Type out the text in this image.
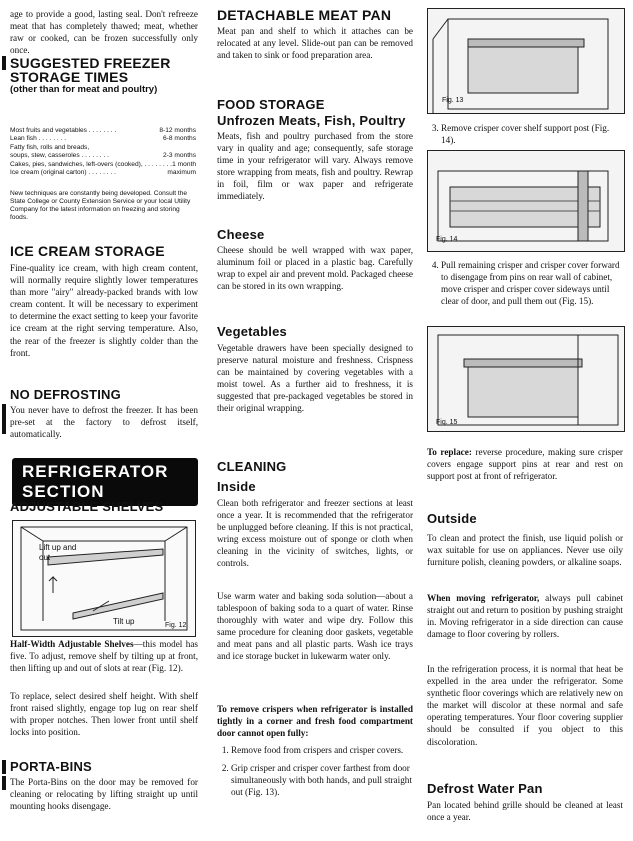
age to provide a good, lasting seal. Don't refreeze meat that has completely thawed; meat, whether raw or cooked, can be frozen successfully only once.

SUGGESTED FREEZER
STORAGE TIMES
(other than for meat and poultry)
Most fruits and vegetables . . . . . . . .	8-12 months
Lean fish . . . . . . . .	6-8 months
Fatty fish, rolls and breads,
soups, stew, casseroles . . . . . . . .	2-3 months
Cakes, pies, sandwiches, left-overs (cooked), . . . . . . . . 1 month
Ice cream (original carton) . . . . . . . .	maximum
New techniques are constantly being developed. Consult the State College or County Extension Service or your local Utility Company for the latest information on freezing and storing foods.
ICE CREAM STORAGE

Fine-quality ice cream, with high cream content, will normally require slightly lower temperatures than more "airy" already-packed brands with low cream content. It will be necessary to experiment to determine the exact setting to keep your favorite ice cream at the right serving temperature. Also, the rear of the freezer is slightly colder than the front.

NO DEFROSTING

You never have to defrost the freezer. It has been pre-set at the factory to defrost itself, automatically.

REFRIGERATOR SECTION
ADJUSTABLE SHELVES
Lift up and out
Tilt up	Fig. 12

Half-Width Adjustable Shelves—this model has five. To adjust, remove shelf by tilting up at front, then lifting up and out of slots at rear (Fig. 12).

To replace, select desired shelf height. With shelf front raised slightly, engage top lug on rear shelf with proper notches. Then lower front until shelf locks into position.

PORTA-BINS

The Porta-Bins on the door may be removed for cleaning or relocating by lifting straight up until mounting hooks disengage.

DETACHABLE MEAT PAN

Meat pan and shelf to which it attaches can be relocated at any level. Slide-out pan can be removed and taken to sink or food preparation area.

FOOD STORAGE
Unfrozen Meats, Fish, Poultry

Meats, fish and poultry purchased from the store vary in quality and age; consequently, safe storage time in your refrigerator will vary. Always remove store wrapping from meats, fish and poultry. Rewrap in foil, film or wax paper and refrigerate immediately.

Cheese

Cheese should be well wrapped with wax paper, aluminum foil or placed in a plastic bag. Carefully wrap to expel air and prevent mold. Packaged cheese can be stored in its own wrapping.

Vegetables

Vegetable drawers have been specially designed to preserve natural moisture and freshness. Crispness can be maintained by covering vegetables with a moist towel. As a further aid to freshness, it is suggested that pre-packaged vegetables be stored in their original wrapping.

CLEANING
Inside

Clean both refrigerator and freezer sections at least once a year. It is recommended that the refrigerator be unplugged before cleaning. If this is not practical, wring excess moisture out of sponge or cloth when cleaning in the vicinity of switches, lights, or controls.

Use warm water and baking soda solution—about a tablespoon of baking soda to a quart of water. Rinse thoroughly with water and wipe dry. Follow this same procedure for cleaning door gaskets, vegetable and meat pans and all plastic parts. Wash ice trays and ice storage bucket in lukewarm water only.

To remove crispers when refrigerator is installed tightly in a corner and fresh food compartment door cannot open fully:

1. Remove food from crispers and crisper covers.
2. Grip crisper and crisper cover farthest from door simultaneously with both hands, and pull straight out (Fig. 13).
Fig. 13
3. Remove crisper cover shelf support post (Fig. 14).
Fig. 14
4. Pull remaining crisper and crisper cover forward to disengage from pins on rear wall of cabinet, move crisper and crisper cover sideways until clear of door, and pull them out (Fig. 15).
Fig. 15

To replace: reverse procedure, making sure crisper covers engage support pins at rear and rest on support post at front of refrigerator.

Outside

To clean and protect the finish, use liquid polish or wax suitable for use on appliances. Never use oily furniture polish, cleaning powders, or alkaline soaps.

When moving refrigerator, always pull cabinet straight out and return to position by pushing straight in. Moving refrigerator in a side direction can cause damage to floor covering by rollers.

In the refrigeration process, it is normal that heat be expelled in the area under the refrigerator. Some synthetic floor coverings which are relatively new on the market will discolor at these normal and safe operating temperatures. Your floor covering supplier should be consulted if you object to this discoloration.

Defrost Water Pan

Pan located behind grille should be cleaned at least once a year.
